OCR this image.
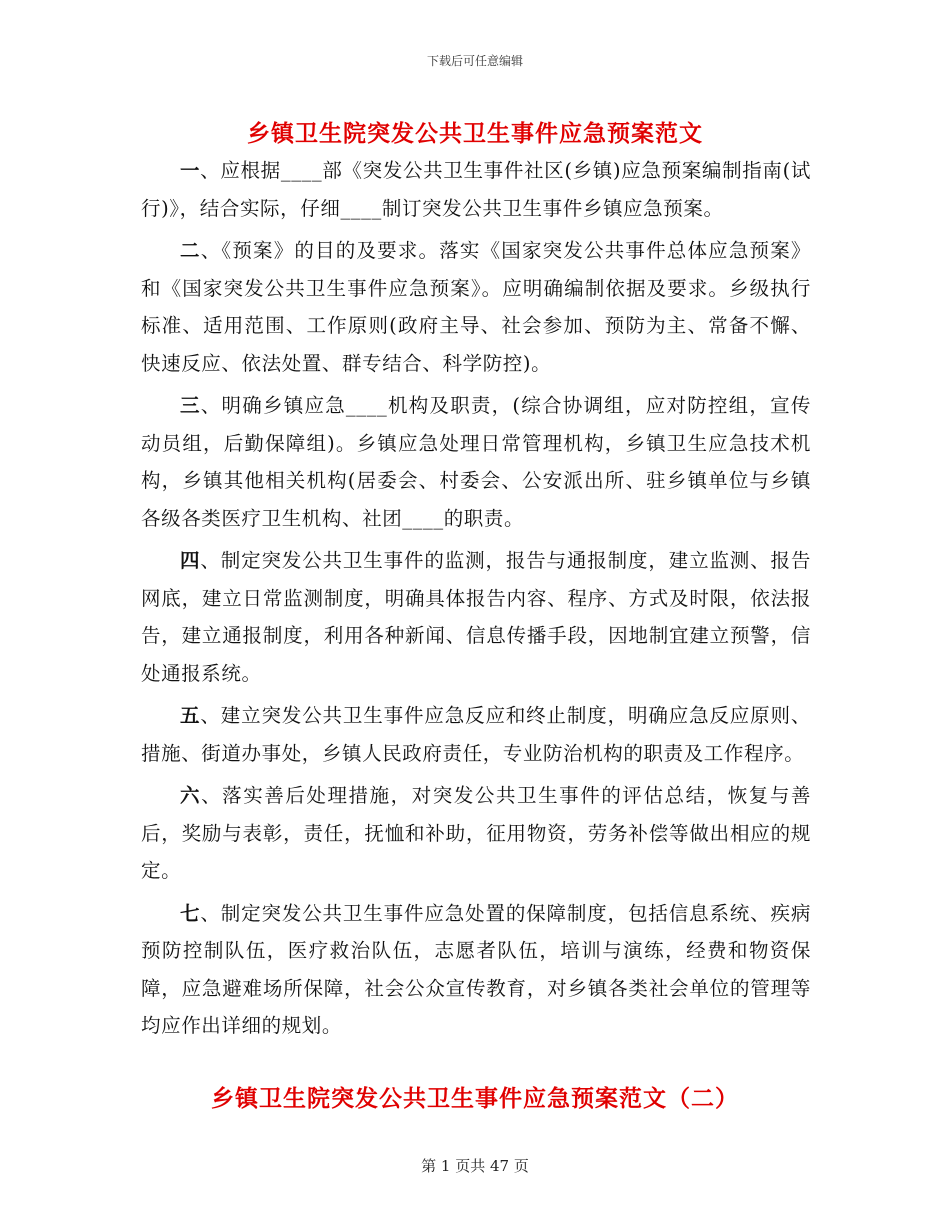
下载后可任意编辑
乡镇卫生院突发公共卫生事件应急预案范文

一、应根据____部《突发公共卫生事件社区(乡镇)应急预案编制指南(试行)》，结合实际，仔细____制订突发公共卫生事件乡镇应急预案。

二、《预案》的目的及要求。落实《国家突发公共事件总体应急预案》和《国家突发公共卫生事件应急预案》。应明确编制依据及要求。乡级执行标准、适用范围、工作原则(政府主导、社会参加、预防为主、常备不懈、快速反应、依法处置、群专结合、科学防控)。

三、明确乡镇应急____机构及职责，(综合协调组，应对防控组，宣传动员组，后勤保障组)。乡镇应急处理日常管理机构，乡镇卫生应急技术机构，乡镇其他相关机构(居委会、村委会、公安派出所、驻乡镇单位与乡镇各级各类医疗卫生机构、社团____的职责。

四、制定突发公共卫生事件的监测，报告与通报制度，建立监测、报告网底，建立日常监测制度，明确具体报告内容、程序、方式及时限，依法报告，建立通报制度，利用各种新闻、信息传播手段，因地制宜建立预警，信处通报系统。

五、建立突发公共卫生事件应急反应和终止制度，明确应急反应原则、措施、街道办事处，乡镇人民政府责任，专业防治机构的职责及工作程序。

六、落实善后处理措施，对突发公共卫生事件的评估总结，恢复与善后，奖励与表彰，责任，抚恤和补助，征用物资，劳务补偿等做出相应的规定。

七、制定突发公共卫生事件应急处置的保障制度，包括信息系统、疾病预防控制队伍，医疗救治队伍，志愿者队伍，培训与演练，经费和物资保障，应急避难场所保障，社会公众宣传教育，对乡镇各类社会单位的管理等均应作出详细的规划。

乡镇卫生院突发公共卫生事件应急预案范文（二）
第 1 页共 47 页
